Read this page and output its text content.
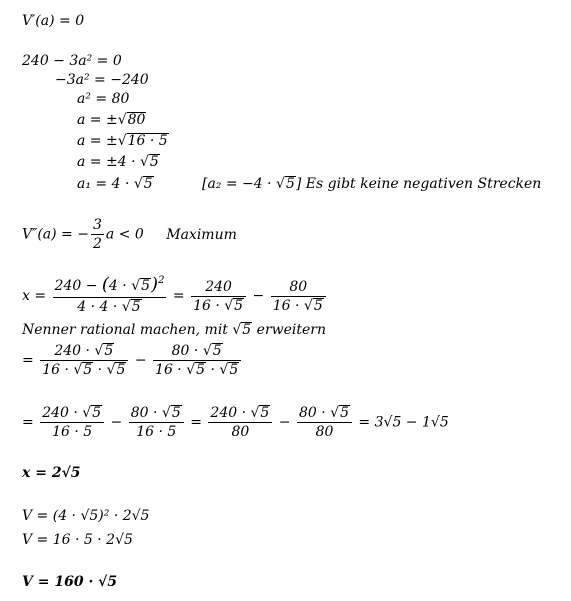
V′(a) = 0
240 − 3a² = 0
−3a² = −240
a² = 80
a = ±√80
a = ±√16 · 5
a = ±4 · √5
a₁ = 4 · √5	[a₂ = −4 · √5] Es gibt keine negativen Strecken
V″(a) = − $\frac{3}{2}$ a < 0 Maximum
$x = \frac{240 - (4 \cdot √5)^2}{4 \cdot 4 \cdot √5} = \frac{240}{16 \cdot √5} - \frac{80}{16 \cdot √5}$
Nenner rational machen, mit √5 erweitern
= $\frac{240 \cdot √5}{16 \cdot √5 \cdot √5} - \frac{80 \cdot √5}{16 \cdot √5 \cdot √5}$
= $\frac{240 \cdot √5}{16 \cdot 5} - \frac{80 \cdot √5}{16 \cdot 5} = \frac{240 \cdot √5}{80} - \frac{80 \cdot √5}{80} = 3√5 - 1√5$
x = 2√5
V = (4 · √5)² · 2√5
V = 16 · 5 · 2√5
V = 160 · √5
